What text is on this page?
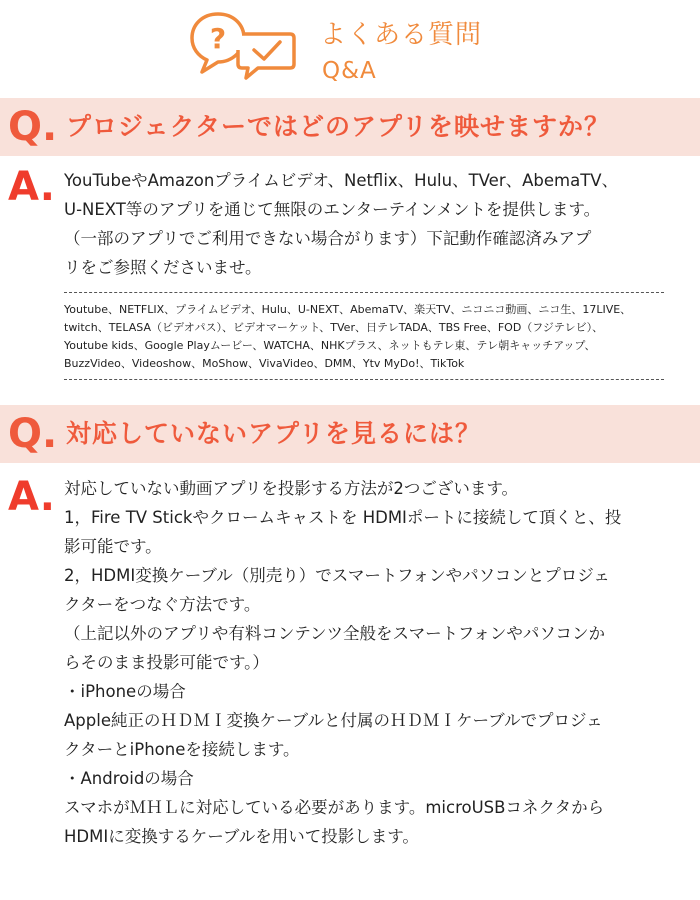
?	よくある質問
Q&A
Q. プロジェクターではどのアプリを映せますか？
A. YouTubeやAmazonプライムビデオ、Netflix、Hulu、TVer、AbemaTV、
U-NEXT等のアプリを通じて無限のエンターテインメントを提供します。
（一部のアプリでご利用できない場合がります）下記動作確認済みアプ
リをご参照くださいませ。
Youtube、NETFLIX、プライムビデオ、Hulu、U-NEXT、AbemaTV、楽天TV、ニコニコ動画、ニコ生、17LIVE、
twitch、TELASA（ビデオパス）、ビデオマーケット、TVer、日テレTADA、TBS Free、FOD（フジテレビ）、
Youtube kids、Google Playムービー、WATCHA、NHKプラス、ネットもテレ東、テレ朝キャッチアップ、
BuzzVideo、Videoshow、MoShow、VivaVideo、DMM、Ytv MyDo!、TikTok
Q. 対応していないアプリを見るには？
A. 対応していない動画アプリを投影する方法が2つございます。
1，Fire TV Stickやクロームキャストを HDMIポートに接続して頂くと、投
影可能です。
2，HDMI変換ケーブル（別売り）でスマートフォンやパソコンとプロジェ
クターをつなぐ方法です。
（上記以外のアプリや有料コンテンツ全般をスマートフォンやパソコンか
らそのまま投影可能です。）
・iPhoneの場合
Apple純正のＨＤＭＩ変換ケーブルと付属のＨＤＭＩケーブルでプロジェ
クターとiPhoneを接続します。
・Androidの場合
スマホがＭＨＬに対応している必要があります。microUSBコネクタから
HDMIに変換するケーブルを用いて投影します。
